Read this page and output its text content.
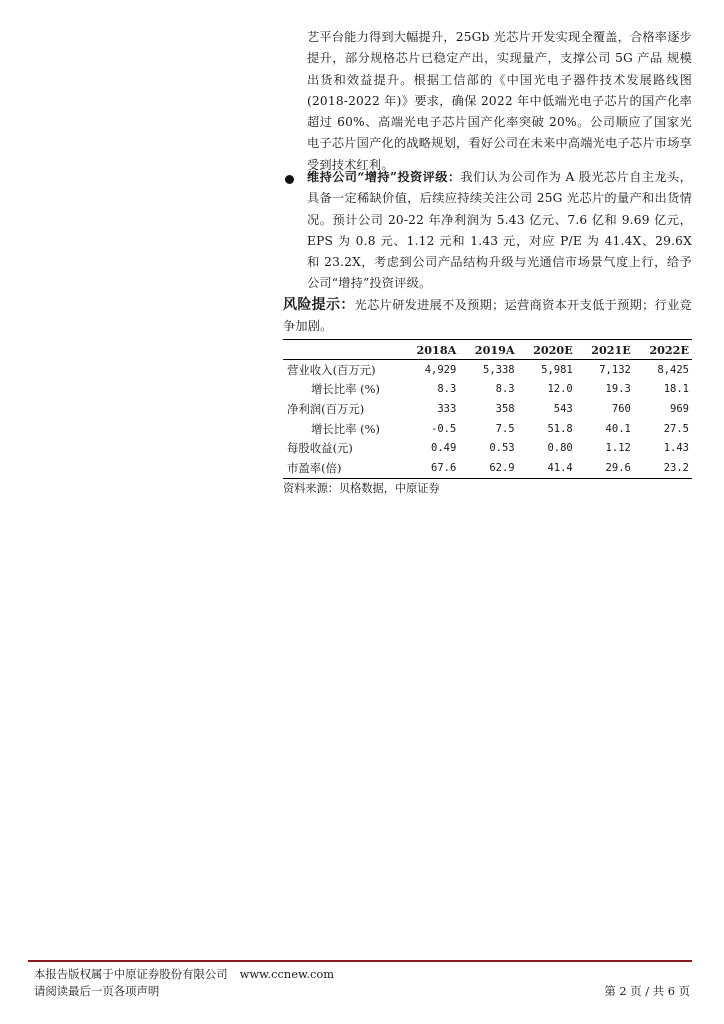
艺平台能力得到大幅提升，25Gb 光芯片开发实现全覆盖，合格率逐步提升，部分规格芯片已稳定产出，实现量产，支撑公司 5G 产品 规模出货和效益提升。根据工信部的《中国光电子器件技术发展路线图(2018-2022 年)》要求，确保 2022 年中低端光电子芯片的国产化率超过 60%、高端光电子芯片国产化率突破 20%。公司顺应了国家光电子芯片国产化的战略规划，看好公司在未来中高端光电子芯片市场享受到技术红利。

维持公司“增持”投资评级：我们认为公司作为 A 股光芯片自主龙头，具备一定稀缺价值，后续应持续关注公司 25G 光芯片的量产和出货情况。预计公司 20-22 年净利润为 5.43 亿元、7.6 亿和 9.69 亿元，EPS 为 0.8 元、1.12 元和 1.43 元，对应 P/E 为 41.4X、29.6X 和 23.2X，考虑到公司产品结构升级与光通信市场景气度上行，给予公司“增持”投资评级。

风险提示：光芯片研发进展不及预期；运营商资本开支低于预期；行业竞争加剧。

	2018A	2019A	2020E	2021E	2022E
营业收入(百万元)	4,929	5,338	5,981	7,132	8,425
增长比率 (%)	8.3	8.3	12.0	19.3	18.1
净利润(百万元)	333	358	543	760	969
增长比率 (%)	-0.5	7.5	51.8	40.1	27.5
每股收益(元)	0.49	0.53	0.80	1.12	1.43
市盈率(倍)	67.6	62.9	41.4	29.6	23.2
资料来源：贝格数据，中原证券
本报告版权属于中原证券股份有限公司 www.ccnew.com
请阅读最后一页各项声明	第 2 页 / 共 6 页
